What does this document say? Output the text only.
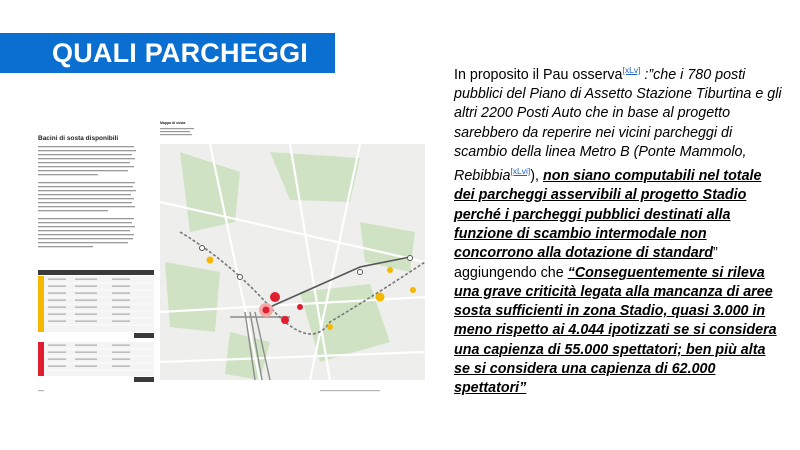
QUALI PARCHEGGI
Bacini di sosta disponibili
Mappa di sosta
In proposito il Pau osserva[xLv] :”che i 780 posti pubblici del Piano di Assetto Stazione Tiburtina e gli altri 2200 Posti Auto che in base al progetto sarebbero da reperire nei vicini parcheggi di scambio della linea Metro B (Ponte Mammolo, Rebibbia[xLvi]), non siano computabili nel totale dei parcheggi asservibili al progetto Stadio perché i parcheggi pubblici destinati alla funzione di scambio intermodale non concorrono alla dotazione di standard” aggiungendo che “Conseguentemente si rileva una grave criticità legata alla mancanza di aree sosta sufficienti in zona Stadio, quasi 3.000 in meno rispetto ai 4.044 ipotizzati se si considera una capienza di 55.000 spettatori; ben più alta se si considera una capienza di 62.000 spettatori”
